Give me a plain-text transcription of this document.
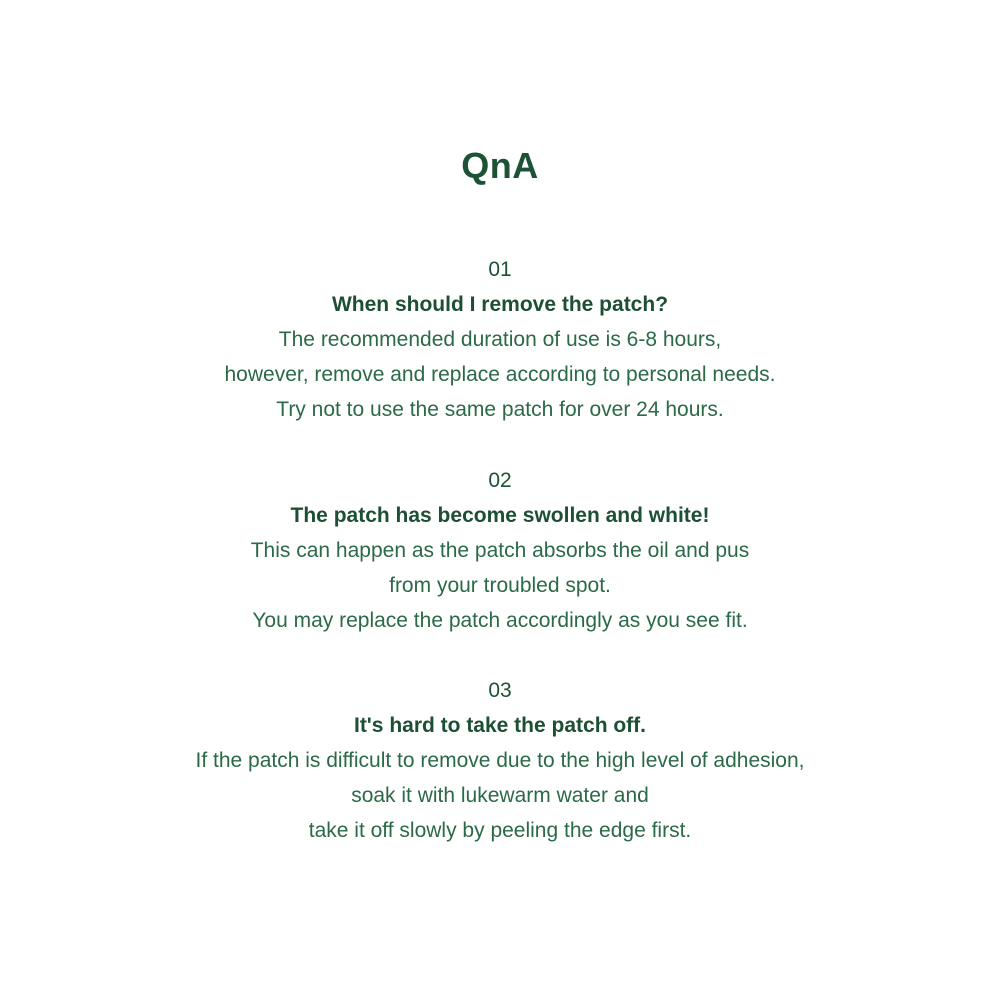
QnA
01
When should I remove the patch?
The recommended duration of use is 6-8 hours,
however, remove and replace according to personal needs.
Try not to use the same patch for over 24 hours.
02
The patch has become swollen and white!
This can happen as the patch absorbs the oil and pus
from your troubled spot.
You may replace the patch accordingly as you see fit.
03
It's hard to take the patch off.
If the patch is difficult to remove due to the high level of adhesion,
soak it with lukewarm water and
take it off slowly by peeling the edge first.
